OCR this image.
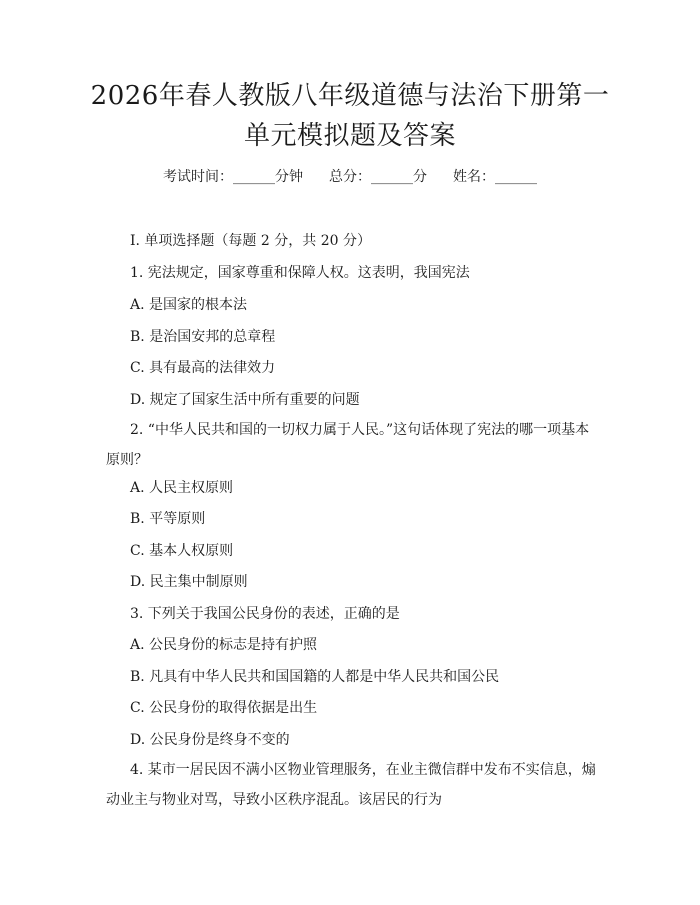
2026年春人教版八年级道德与法治下册第一
单元模拟题及答案
考试时间：______分钟 总分：______分 姓名：______
I. 单项选择题（每题 2 分，共 20 分）
1. 宪法规定，国家尊重和保障人权。这表明，我国宪法
A. 是国家的根本法
B. 是治国安邦的总章程
C. 具有最高的法律效力
D. 规定了国家生活中所有重要的问题
2. “中华人民共和国的一切权力属于人民。”这句话体现了宪法的哪一项基本原则？
A. 人民主权原则
B. 平等原则
C. 基本人权原则
D. 民主集中制原则
3. 下列关于我国公民身份的表述，正确的是
A. 公民身份的标志是持有护照
B. 凡具有中华人民共和国国籍的人都是中华人民共和国公民
C. 公民身份的取得依据是出生
D. 公民身份是终身不变的
4. 某市一居民因不满小区物业管理服务，在业主微信群中发布不实信息，煽动业主与物业对骂，导致小区秩序混乱。该居民的行为
